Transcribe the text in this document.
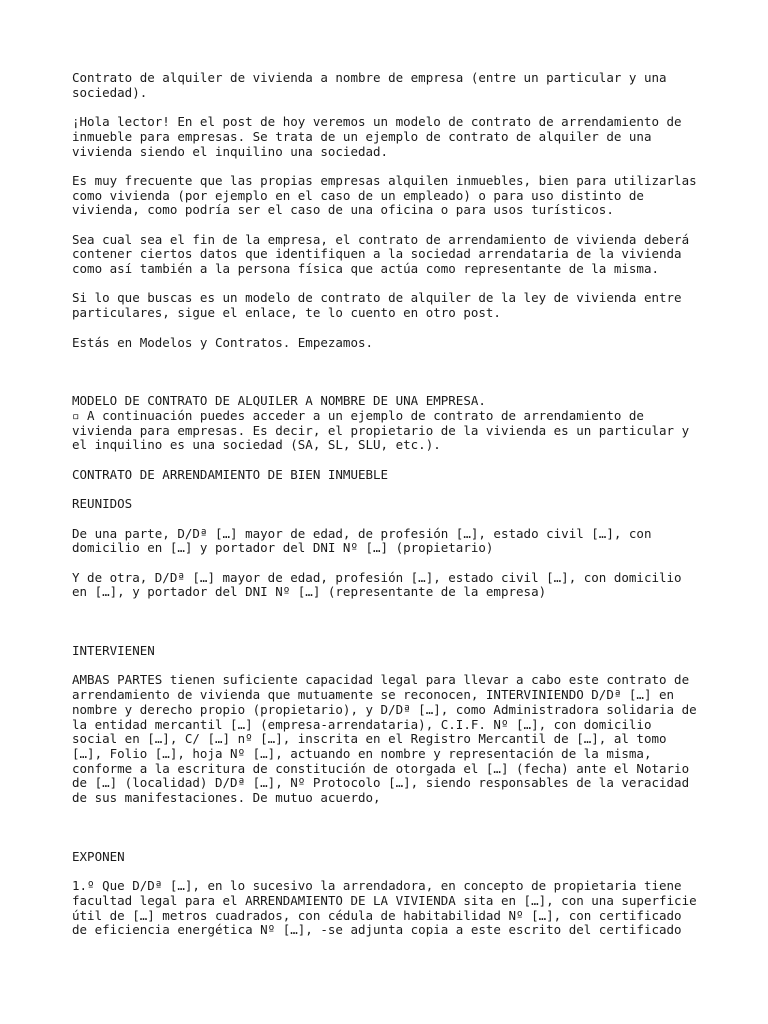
Contrato de alquiler de vivienda a nombre de empresa (entre un particular y una
sociedad).

¡Hola lector! En el post de hoy veremos un modelo de contrato de arrendamiento de
inmueble para empresas. Se trata de un ejemplo de contrato de alquiler de una
vivienda siendo el inquilino una sociedad.

Es muy frecuente que las propias empresas alquilen inmuebles, bien para utilizarlas
como vivienda (por ejemplo en el caso de un empleado) o para uso distinto de
vivienda, como podría ser el caso de una oficina o para usos turísticos.

Sea cual sea el fin de la empresa, el contrato de arrendamiento de vivienda deberá
contener ciertos datos que identifiquen a la sociedad arrendataria de la vivienda
como así también a la persona física que actúa como representante de la misma.

Si lo que buscas es un modelo de contrato de alquiler de la ley de vivienda entre
particulares, sigue el enlace, te lo cuento en otro post.

Estás en Modelos y Contratos. Empezamos.

MODELO DE CONTRATO DE ALQUILER A NOMBRE DE UNA EMPRESA.

▫ A continuación puedes acceder a un ejemplo de contrato de arrendamiento de
vivienda para empresas. Es decir, el propietario de la vivienda es un particular y
el inquilino es una sociedad (SA, SL, SLU, etc.).

CONTRATO DE ARRENDAMIENTO DE BIEN INMUEBLE

REUNIDOS

De una parte, D/Dª […] mayor de edad, de profesión […], estado civil […], con
domicilio en […] y portador del DNI Nº […] (propietario)

Y de otra, D/Dª […] mayor de edad, profesión […], estado civil […], con domicilio
en […], y portador del DNI Nº […] (representante de la empresa)

INTERVIENEN

AMBAS PARTES tienen suficiente capacidad legal para llevar a cabo este contrato de
arrendamiento de vivienda que mutuamente se reconocen, INTERVINIENDO D/Dª […] en
nombre y derecho propio (propietario), y D/Dª […], como Administradora solidaria de
la entidad mercantil […] (empresa-arrendataria), C.I.F. Nº […], con domicilio
social en […], C/ […] nº […], inscrita en el Registro Mercantil de […], al tomo
[…], Folio […], hoja Nº […], actuando en nombre y representación de la misma,
conforme a la escritura de constitución de otorgada el […] (fecha) ante el Notario
de […] (localidad) D/Dª […], Nº Protocolo […], siendo responsables de la veracidad
de sus manifestaciones. De mutuo acuerdo,

EXPONEN

1.º Que D/Dª […], en lo sucesivo la arrendadora, en concepto de propietaria tiene
facultad legal para el ARRENDAMIENTO DE LA VIVIENDA sita en […], con una superficie
útil de […] metros cuadrados, con cédula de habitabilidad Nº […], con certificado
de eficiencia energética Nº […], -se adjunta copia a este escrito del certificado
